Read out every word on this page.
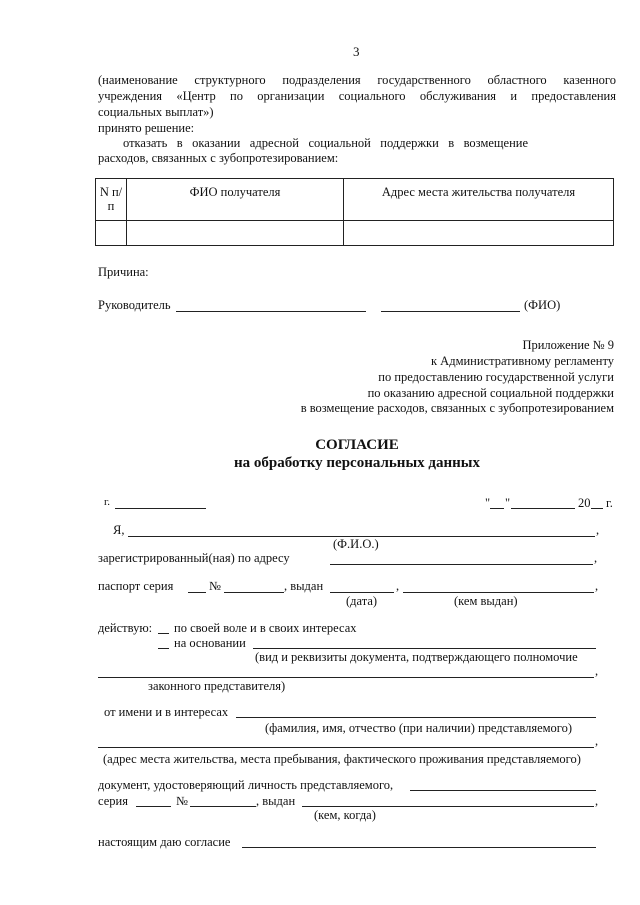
3
(наименование структурного подразделения государственного областного казенного
учреждения «Центр по организации социального обслуживания и предоставления
социальных выплат»)
принято решение:
отказать в оказании адресной социальной поддержки в возмещение
расходов, связанных с зубопротезированием:
N п/п	ФИО получателя	Адрес места жительства получателя

Причина:
Руководитель	(ФИО)
Приложение № 9
к Административному регламенту
по предоставлению государственной услуги
по оказанию адресной социальной поддержки
в возмещение расходов, связанных с зубопротезированием
СОГЛАСИЕ
на обработку персональных данных
г.	" "	20 г.
Я,	,
(Ф.И.О.)
зарегистрированный(ная) по адресу	,
паспорт серия	№	, выдан	,	,
(дата)	(кем выдан)
действую: по своей воле и в своих интересах
на основании
(вид и реквизиты документа, подтверждающего полномочие
,
законного представителя)
от имени и в интересах
(фамилия, имя, отчество (при наличии) представляемого)
,
(адрес места жительства, места пребывания, фактического проживания представляемого)
документ, удостоверяющий личность представляемого,
серия	№	, выдан	,
(кем, когда)
настоящим даю согласие
